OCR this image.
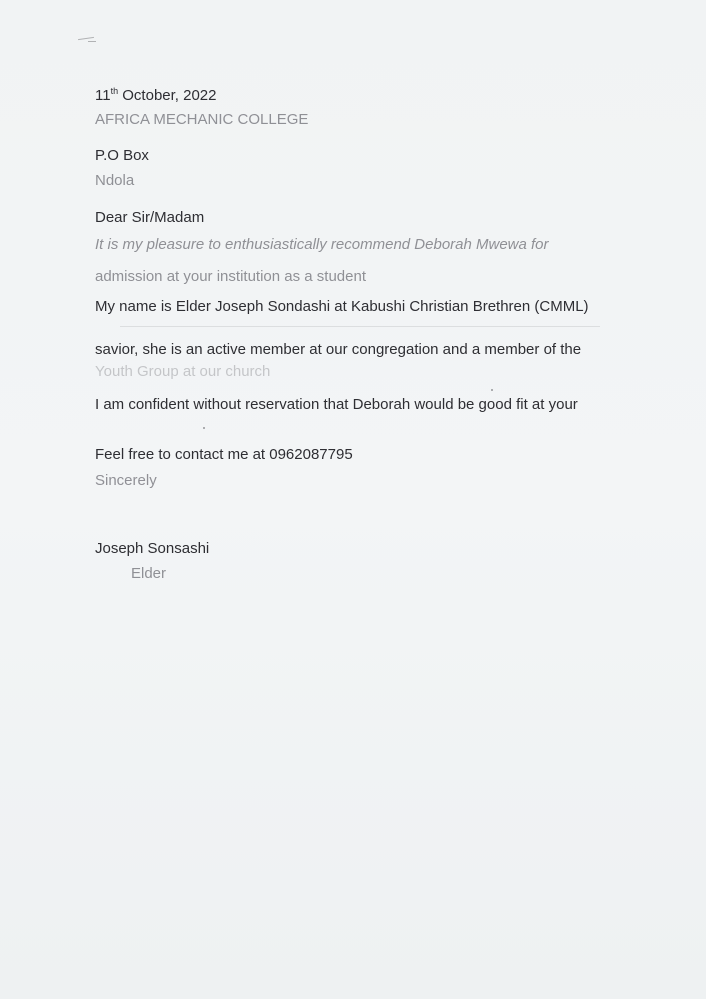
11th October, 2022
AFRICA MECHANIC COLLEGE
P.O Box
Ndola
Dear Sir/Madam
It is my pleasure to enthusiastically recommend Deborah Mwewa for
admission at your institution as a student
My name is Elder Joseph Sondashi at Kabushi Christian Brethren (CMML)
savior, she is an active member at our congregation and a member of the
Youth Group at our church
I am confident without reservation that Deborah would be good fit at your
Feel free to contact me at 0962087795
Sincerely
Joseph Sonsashi
Elder
